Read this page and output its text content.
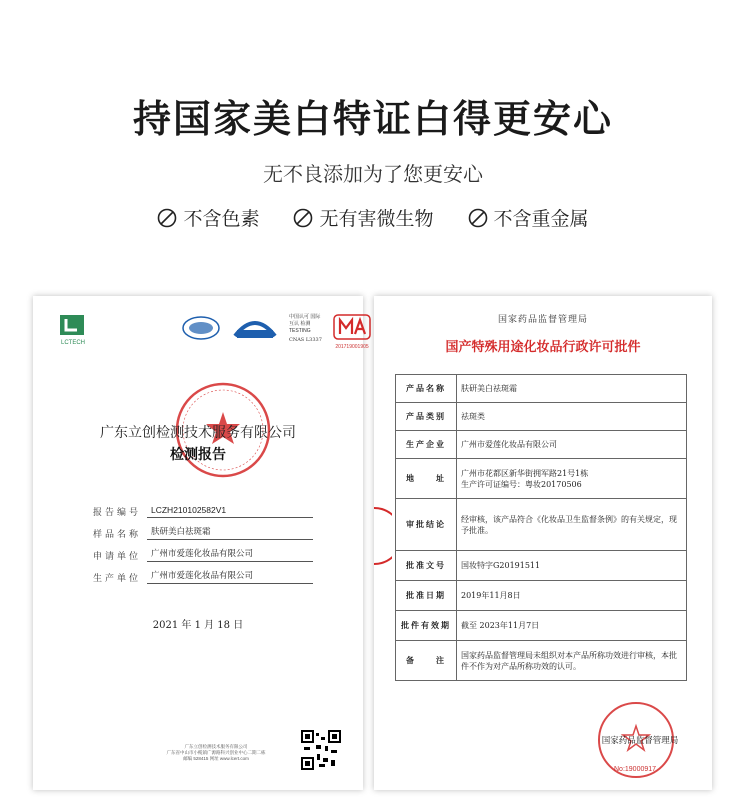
持国家美白特证白得更安心
无不良添加为了您更安心
不含色素	无有害微生物	不含重金属
LCTECH
中国认可 国际互认 检测 TESTING
CNAS L3337
201719001905
广东立创检测技术服务有限公司
检测报告
报告编号	LCZH210102582V1
样品名称	肤研美白祛斑霜
申请单位	广州市爱莲化妆品有限公司
生产单位	广州市爱莲化妆品有限公司
2021 年 1 月 18 日
广东立创检测技术服务有限公司
广东省中山市小榄镇广源路科兴创业中心二期二栋
邮编 528415 网址 www.lcert.com
国家药品监督管理局
国产特殊用途化妆品行政许可批件
产品名称	肤研美白祛斑霜
产品类别	祛斑类
生产企业	广州市爱莲化妆品有限公司
地　　址	广州市花都区新华街拥军路21号1栋
生产许可证编号：粤妆20170506
审批结论	经审核，该产品符合《化妆品卫生监督条例》的有关规定，现予批准。
批准文号	国妆特字G20191511
批准日期	2019年11月8日
批件有效期	截至 2023年11月7日
备　　注	国家药品监督管理局未组织对本产品所称功效进行审核，本批件不作为对产品所称功效的认可。
国家药品监督管理局
No:19000917
